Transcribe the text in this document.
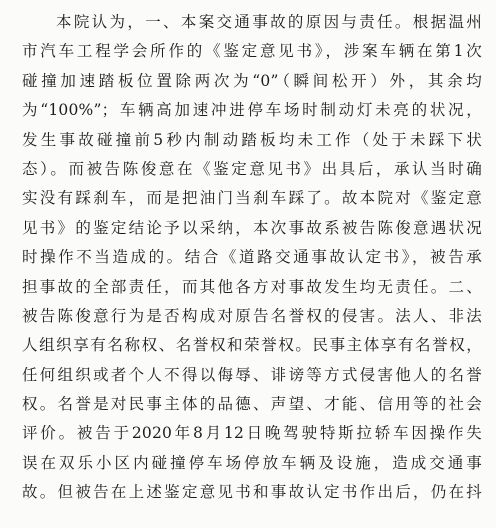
本院认为，一、本案交通事故的原因与责任。根据温州
市汽车工程学会所作的《鉴定意见书》，涉案车辆在第1次
碰撞加速踏板位置除两次为“0”（瞬间松开）外，其余均
为“100%”；车辆高加速冲进停车场时制动灯未亮的状况，
发生事故碰撞前5秒内制动踏板均未工作（处于未踩下状
态）。而被告陈俊意在《鉴定意见书》出具后，承认当时确
实没有踩刹车，而是把油门当刹车踩了。故本院对《鉴定意
见书》的鉴定结论予以采纳，本次事故系被告陈俊意遇状况
时操作不当造成的。结合《道路交通事故认定书》，被告承
担事故的全部责任，而其他各方对事故发生均无责任。二、
被告陈俊意行为是否构成对原告名誉权的侵害。法人、非法
人组织享有名称权、名誉权和荣誉权。民事主体享有名誉权，
任何组织或者个人不得以侮辱、诽谤等方式侵害他人的名誉
权。名誉是对民事主体的品德、声望、才能、信用等的社会
评价。被告于2020年8月12日晚驾驶特斯拉轿车因操作失
误在双乐小区内碰撞停车场停放车辆及设施，造成交通事
故。但被告在上述鉴定意见书和事故认定书作出后，仍在抖
